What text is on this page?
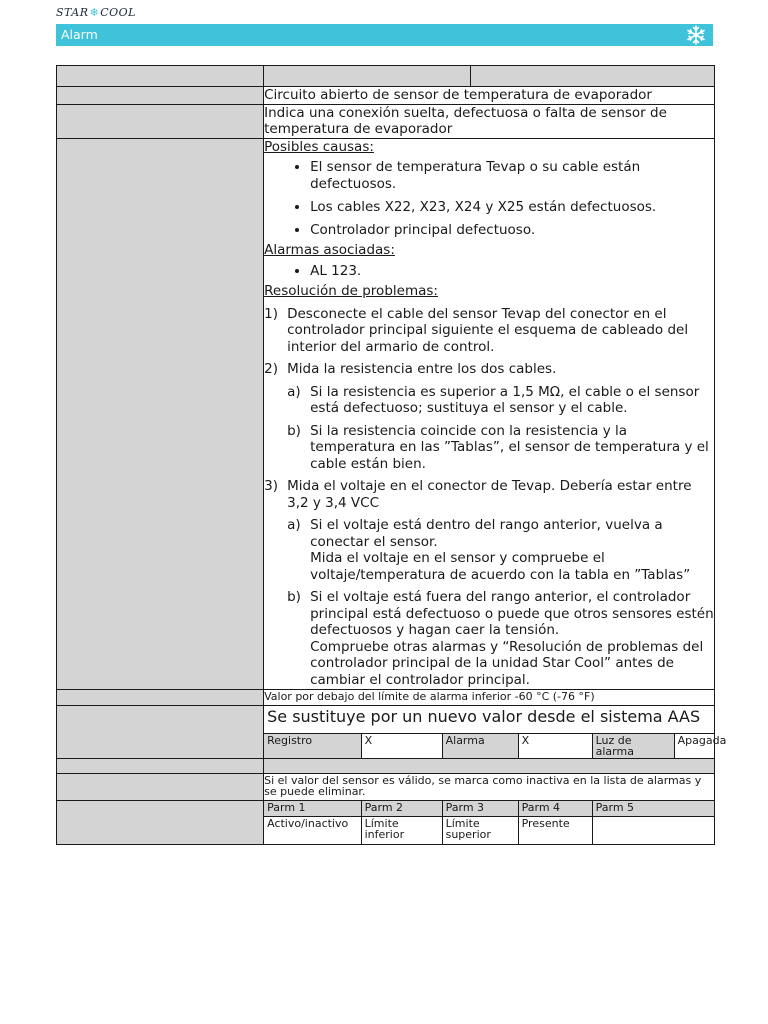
STAR❄COOL
Alarm

	Circuito abierto de sensor de temperatura de evaporador
	Indica una conexión suelta, defectuosa o falta de sensor de temperatura de evaporador

Posibles causas:
• El sensor de temperatura Tevap o su cable están defectuosos.
• Los cables X22, X23, X24 y X25 están defectuosos.
• Controlador principal defectuoso.
Alarmas asociadas:
• AL 123.
Resolución de problemas:
1) Desconecte el cable del sensor Tevap del conector en el controlador principal siguiente el esquema de cableado del interior del armario de control.
2) Mida la resistencia entre los dos cables.
a) Si la resistencia es superior a 1,5 MΩ, el cable o el sensor está defectuoso; sustituya el sensor y el cable.
b) Si la resistencia coincide con la resistencia y la temperatura en las ”Tablas”, el sensor de temperatura y el cable están bien.
3) Mida el voltaje en el conector de Tevap. Debería estar entre 3,2 y 3,4 VCC
a) Si el voltaje está dentro del rango anterior, vuelva a conectar el sensor.
Mida el voltaje en el sensor y compruebe el voltaje/temperatura de acuerdo con la tabla en ”Tablas”
b) Si el voltaje está fuera del rango anterior, el controlador principal está defectuoso o puede que otros sensores estén defectuosos y hagan caer la tensión.
Compruebe otras alarmas y “Resolución de problemas del controlador principal de la unidad Star Cool” antes de cambiar el controlador principal.

	Valor por debajo del límite de alarma inferior -60 °C (-76 °F)

Se sustituye por un nuevo valor desde el sistema AAS
Registro	X	Alarma	X	Luz de alarma	Apagada

	Si el valor del sensor es válido, se marca como inactiva en la lista de alarmas y se puede eliminar.

Parm 1	Parm 2	Parm 3	Parm 4	Parm 5
Activo/inactivo	Límite inferior	Límite superior	Presente	
